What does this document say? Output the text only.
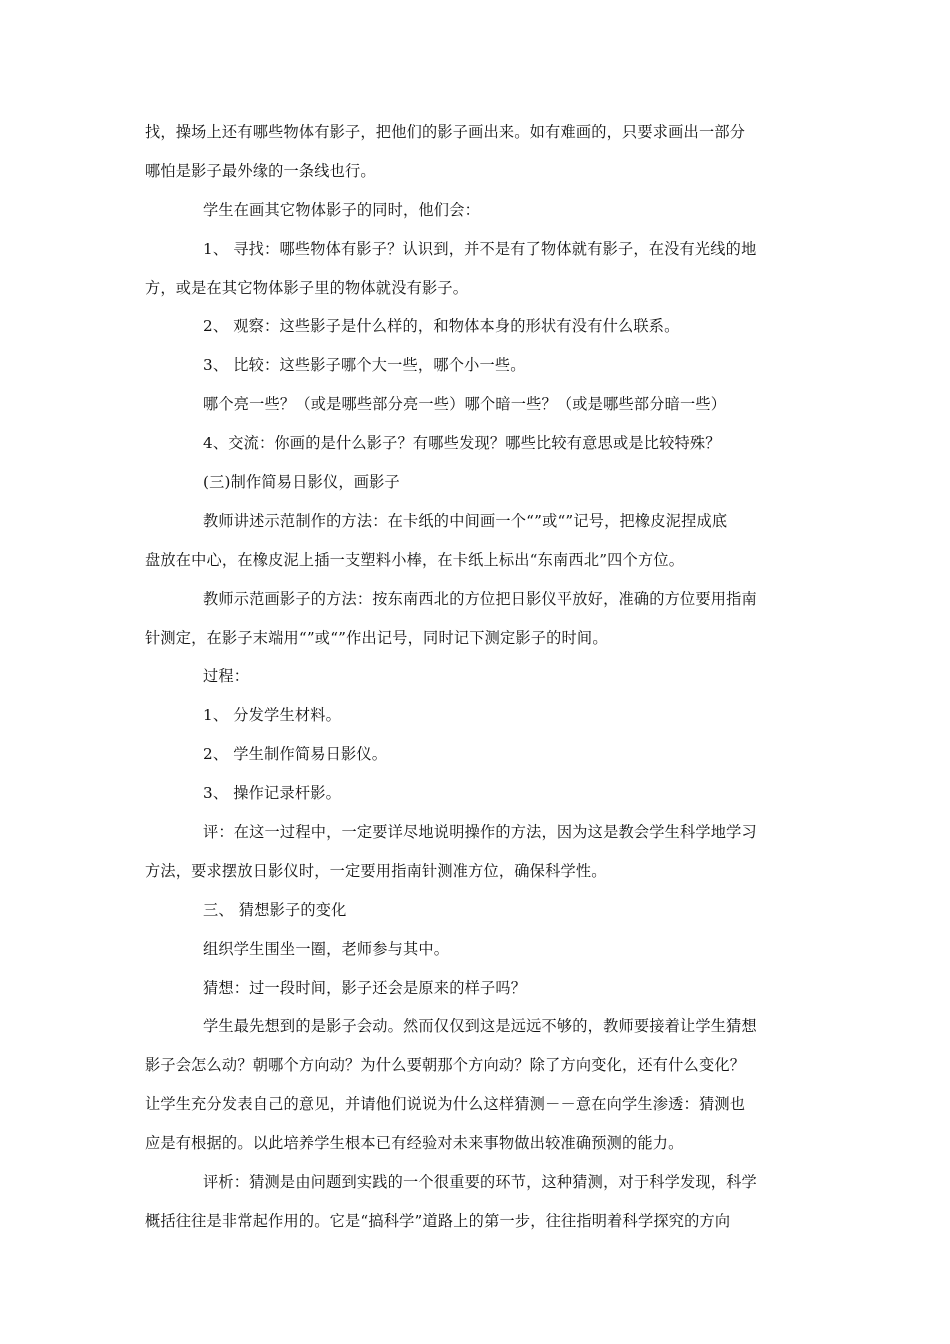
找，操场上还有哪些物体有影子，把他们的影子画出来。如有难画的，只要求画出一部分
哪怕是影子最外缘的一条线也行。
学生在画其它物体影子的同时，他们会：
1、 寻找：哪些物体有影子？认识到，并不是有了物体就有影子，在没有光线的地
方，或是在其它物体影子里的物体就没有影子。
2、 观察：这些影子是什么样的，和物体本身的形状有没有什么联系。
3、 比较：这些影子哪个大一些，哪个小一些。
哪个亮一些？（或是哪些部分亮一些）哪个暗一些？（或是哪些部分暗一些）
4、交流：你画的是什么影子？有哪些发现？哪些比较有意思或是比较特殊？
(三)制作简易日影仪，画影子
教师讲述示范制作的方法：在卡纸的中间画一个“”或“”记号，把橡皮泥捏成底
盘放在中心，在橡皮泥上插一支塑料小棒，在卡纸上标出“东南西北”四个方位。
教师示范画影子的方法：按东南西北的方位把日影仪平放好，准确的方位要用指南
针测定，在影子末端用“”或“”作出记号，同时记下测定影子的时间。
过程：
1、 分发学生材料。
2、 学生制作简易日影仪。
3、 操作记录杆影。
评：在这一过程中，一定要详尽地说明操作的方法，因为这是教会学生科学地学习
方法，要求摆放日影仪时，一定要用指南针测准方位，确保科学性。
三、 猜想影子的变化
组织学生围坐一圈，老师参与其中。
猜想：过一段时间，影子还会是原来的样子吗？
学生最先想到的是影子会动。然而仅仅到这是远远不够的，教师要接着让学生猜想
影子会怎么动？朝哪个方向动？为什么要朝那个方向动？除了方向变化，还有什么变化？
让学生充分发表自己的意见，并请他们说说为什么这样猜测－－意在向学生渗透：猜测也
应是有根据的。以此培养学生根本已有经验对未来事物做出较准确预测的能力。
评析：猜测是由问题到实践的一个很重要的环节，这种猜测，对于科学发现，科学
概括往往是非常起作用的。它是“搞科学”道路上的第一步，往往指明着科学探究的方向
